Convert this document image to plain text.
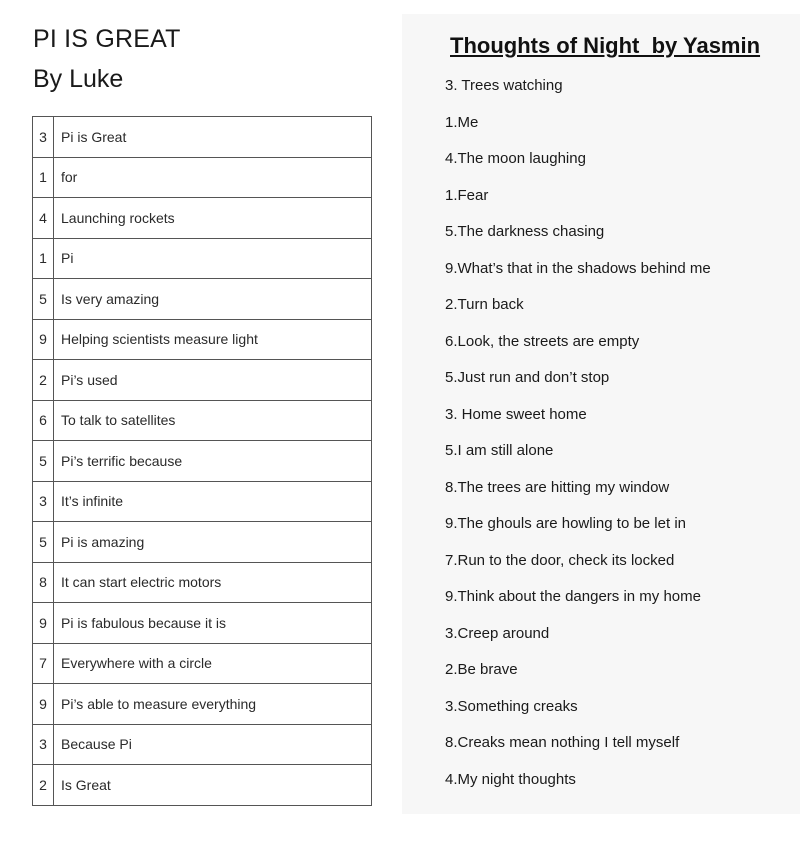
PI IS GREAT
By Luke
3	Pi is Great
1	for
4	Launching rockets
1	Pi
5	Is very amazing
9	Helping scientists measure light
2	Pi’s used
6	To talk to satellites
5	Pi’s terrific because
3	It’s infinite
5	Pi is amazing
8	It can start electric motors
9	Pi is fabulous because it is
7	Everywhere with a circle
9	Pi’s able to measure everything
3	Because Pi
2	Is Great
Thoughts of Night  by Yasmin
3. Trees watching
1.Me
4.The moon laughing
1.Fear
5.The darkness chasing
9.What’s that in the shadows behind me
2.Turn back
6.Look, the streets are empty
5.Just run and don’t stop
3. Home sweet home
5.I am still alone
8.The trees are hitting my window
9.The ghouls are howling to be let in
7.Run to the door, check its locked
9.Think about the dangers in my home
3.Creep around
2.Be brave
3.Something creaks
8.Creaks mean nothing I tell myself
4.My night thoughts
